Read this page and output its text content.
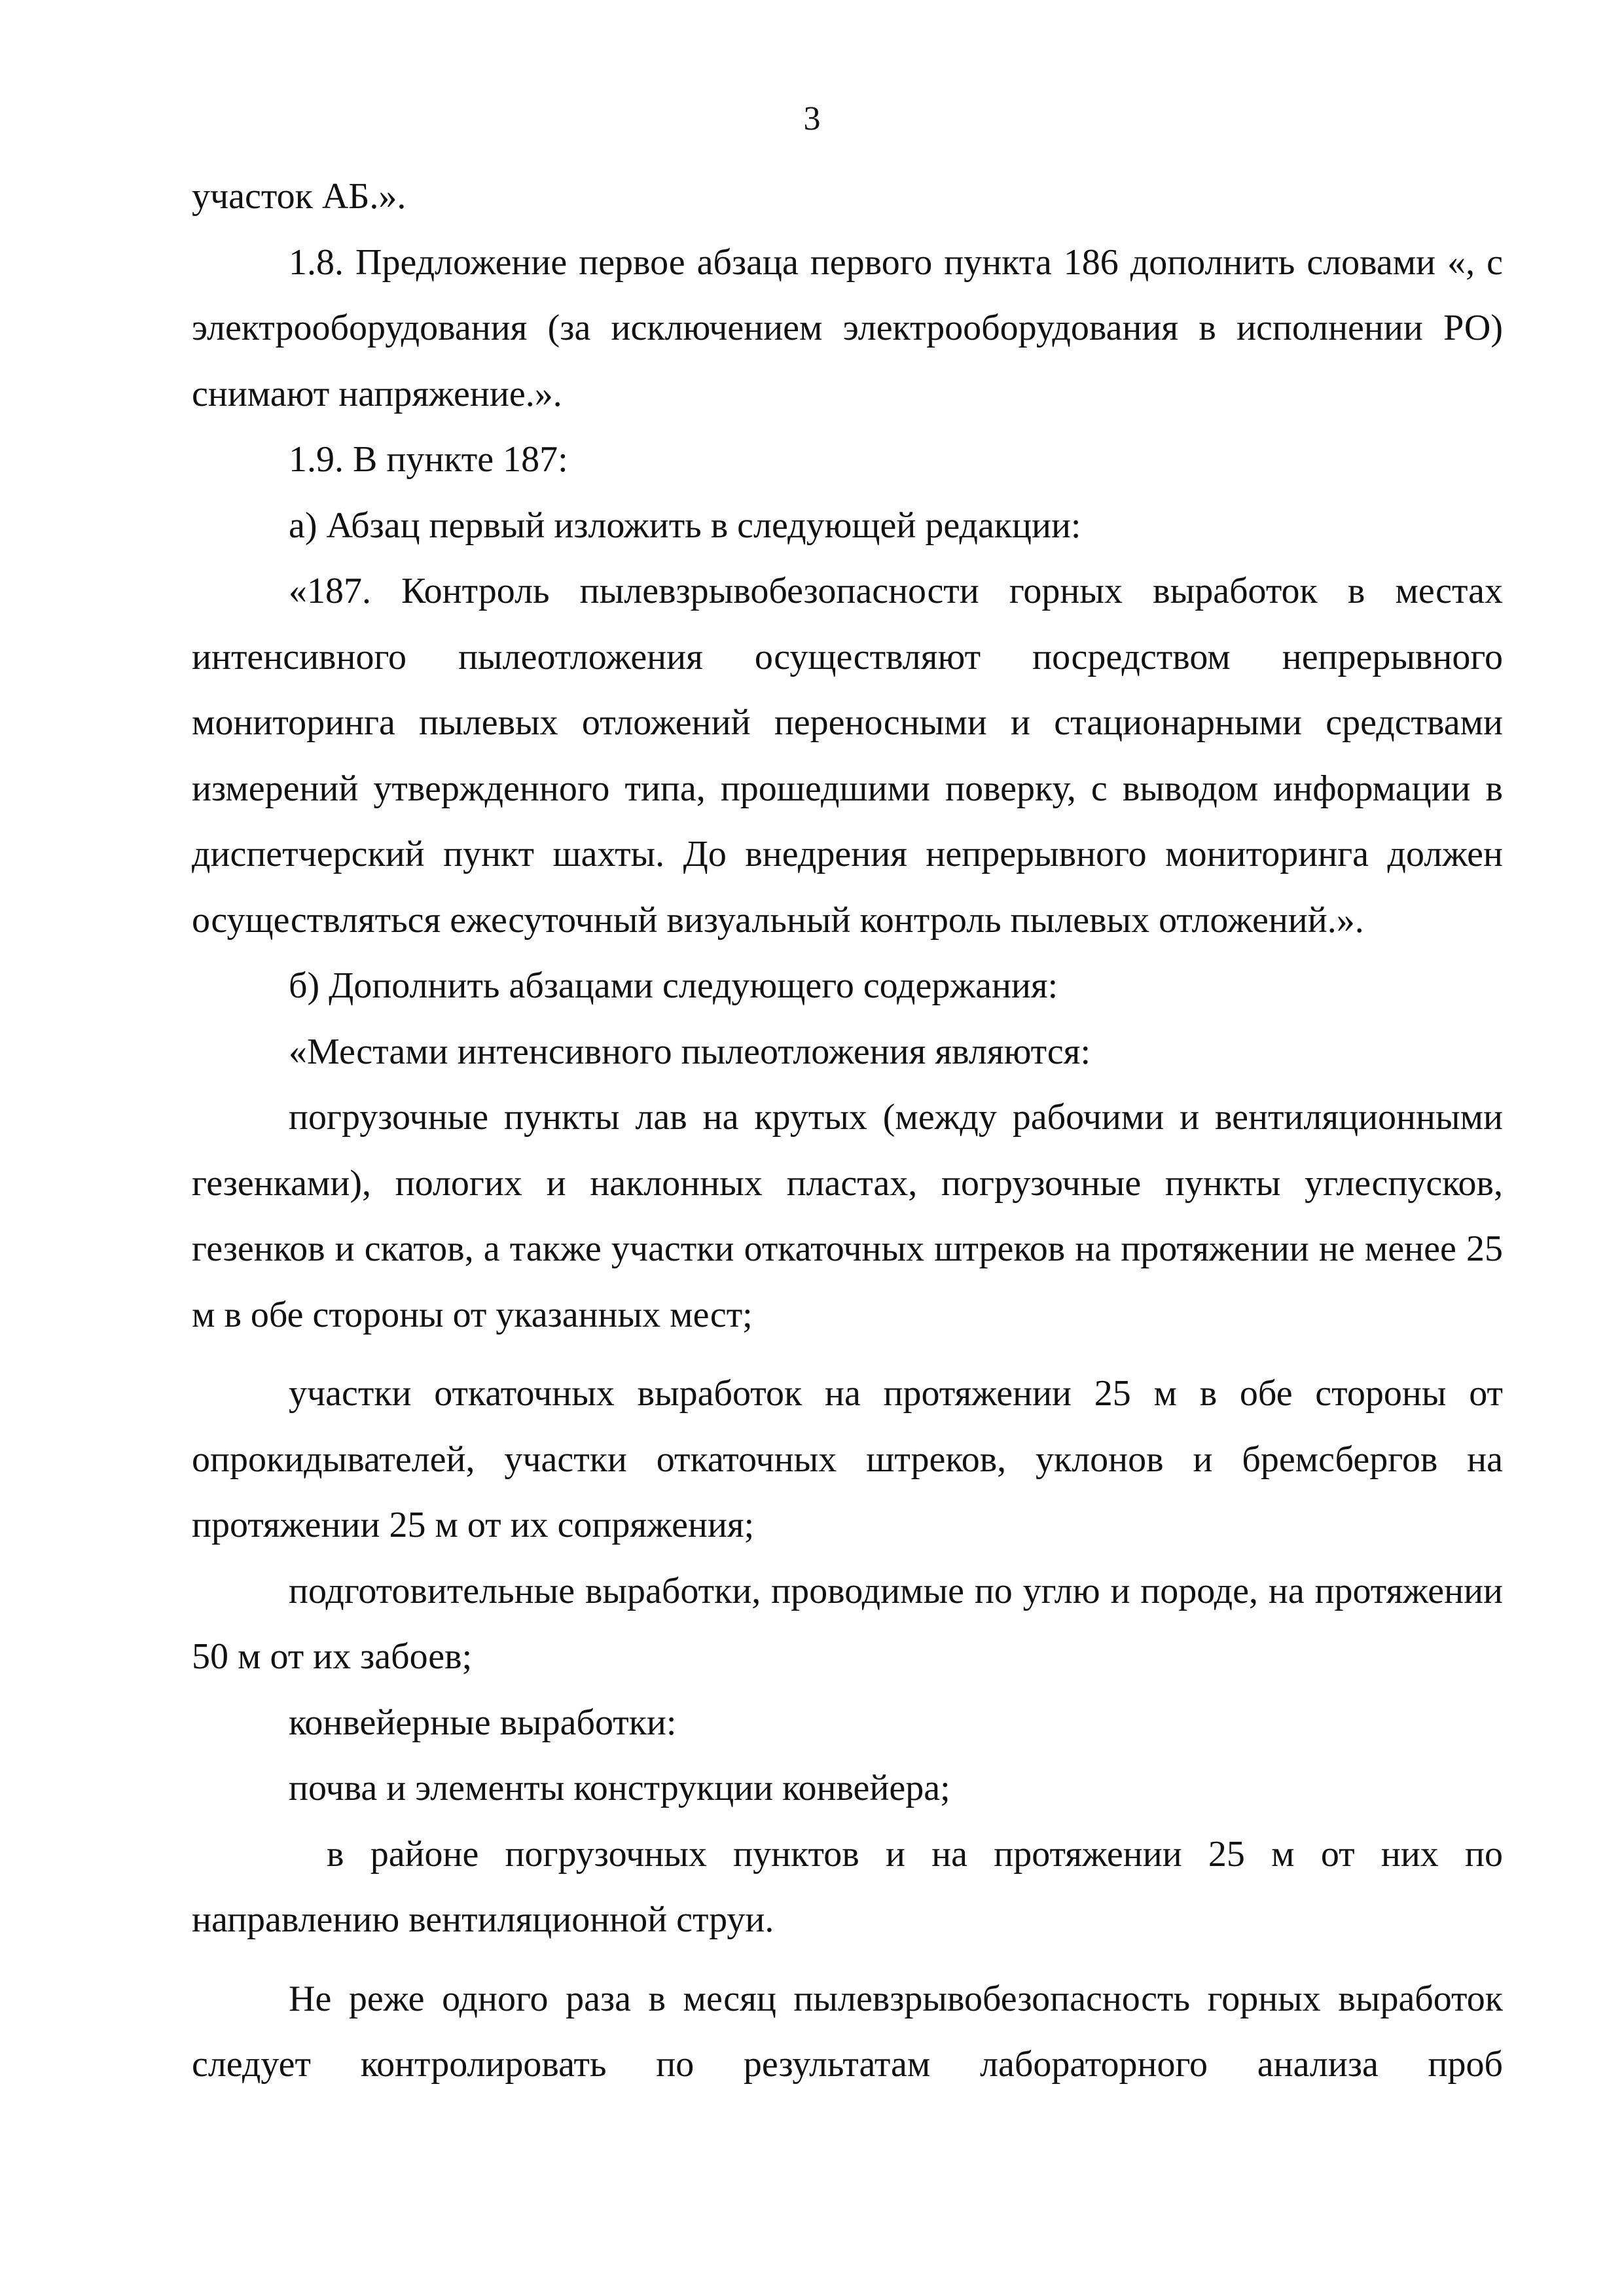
3

участок АБ.».

1.8. Предложение первое абзаца первого пункта 186 дополнить словами «, с электрооборудования (за исключением электрооборудования в исполнении РО) снимают напряжение.».

1.9. В пункте 187:

а) Абзац первый изложить в следующей редакции:

«187. Контроль пылевзрывобезопасности горных выработок в местах интенсивного пылеотложения осуществляют посредством непрерывного мониторинга пылевых отложений переносными и стационарными средствами измерений утвержденного типа, прошедшими поверку, с выводом информации в диспетчерский пункт шахты. До внедрения непрерывного мониторинга должен осуществляться ежесуточный визуальный контроль пылевых отложений.».

б) Дополнить абзацами следующего содержания:

«Местами интенсивного пылеотложения являются:

погрузочные пункты лав на крутых (между рабочими и вентиляционными гезенками), пологих и наклонных пластах, погрузочные пункты углеспусков, гезенков и скатов, а также участки откаточных штреков на протяжении не менее 25 м в обе стороны от указанных мест;

участки откаточных выработок на протяжении 25 м в обе стороны от опрокидывателей, участки откаточных штреков, уклонов и бремсбергов на протяжении 25 м от их сопряжения;

подготовительные выработки, проводимые по углю и породе, на протяжении 50 м от их забоев;

конвейерные выработки:

почва и элементы конструкции конвейера;

в районе погрузочных пунктов и на протяжении 25 м от них по направлению вентиляционной струи.

Не реже одного раза в месяц пылевзрывобезопасность горных выработок следует контролировать по результатам лабораторного анализа проб
